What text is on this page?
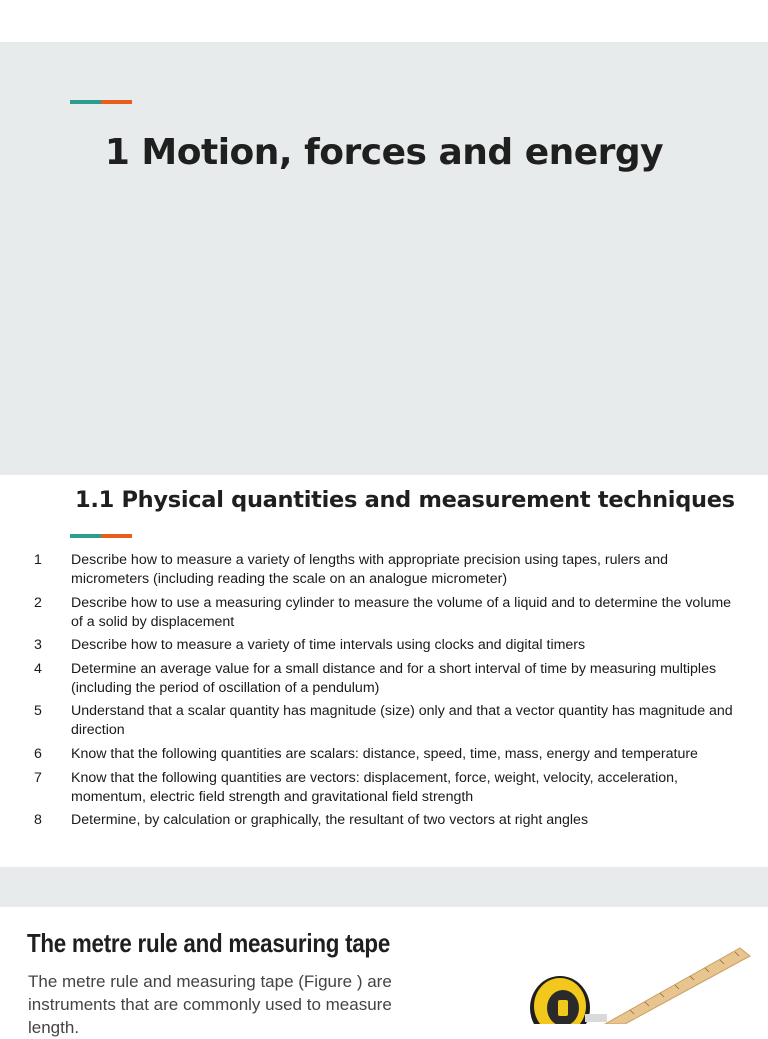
1 Motion, forces and energy
1.1 Physical quantities and measurement techniques
1	Describe how to measure a variety of lengths with appropriate precision using tapes, rulers and micrometers (including reading the scale on an analogue micrometer)
2	Describe how to use a measuring cylinder to measure the volume of a liquid and to determine the volume of a solid by displacement
3	Describe how to measure a variety of time intervals using clocks and digital timers
4	Determine an average value for a small distance and for a short interval of time by measuring multiples (including the period of oscillation of a pendulum)
5	Understand that a scalar quantity has magnitude (size) only and that a vector quantity has magnitude and direction
6	Know that the following quantities are scalars: distance, speed, time, mass, energy and temperature
7	Know that the following quantities are vectors: displacement, force, weight, velocity, acceleration, momentum, electric field strength and gravitational field strength
8	Determine, by calculation or graphically, the resultant of two vectors at right angles
The metre rule and measuring tape
The metre rule and measuring tape (Figure ) are instruments that are commonly used to measure length.
